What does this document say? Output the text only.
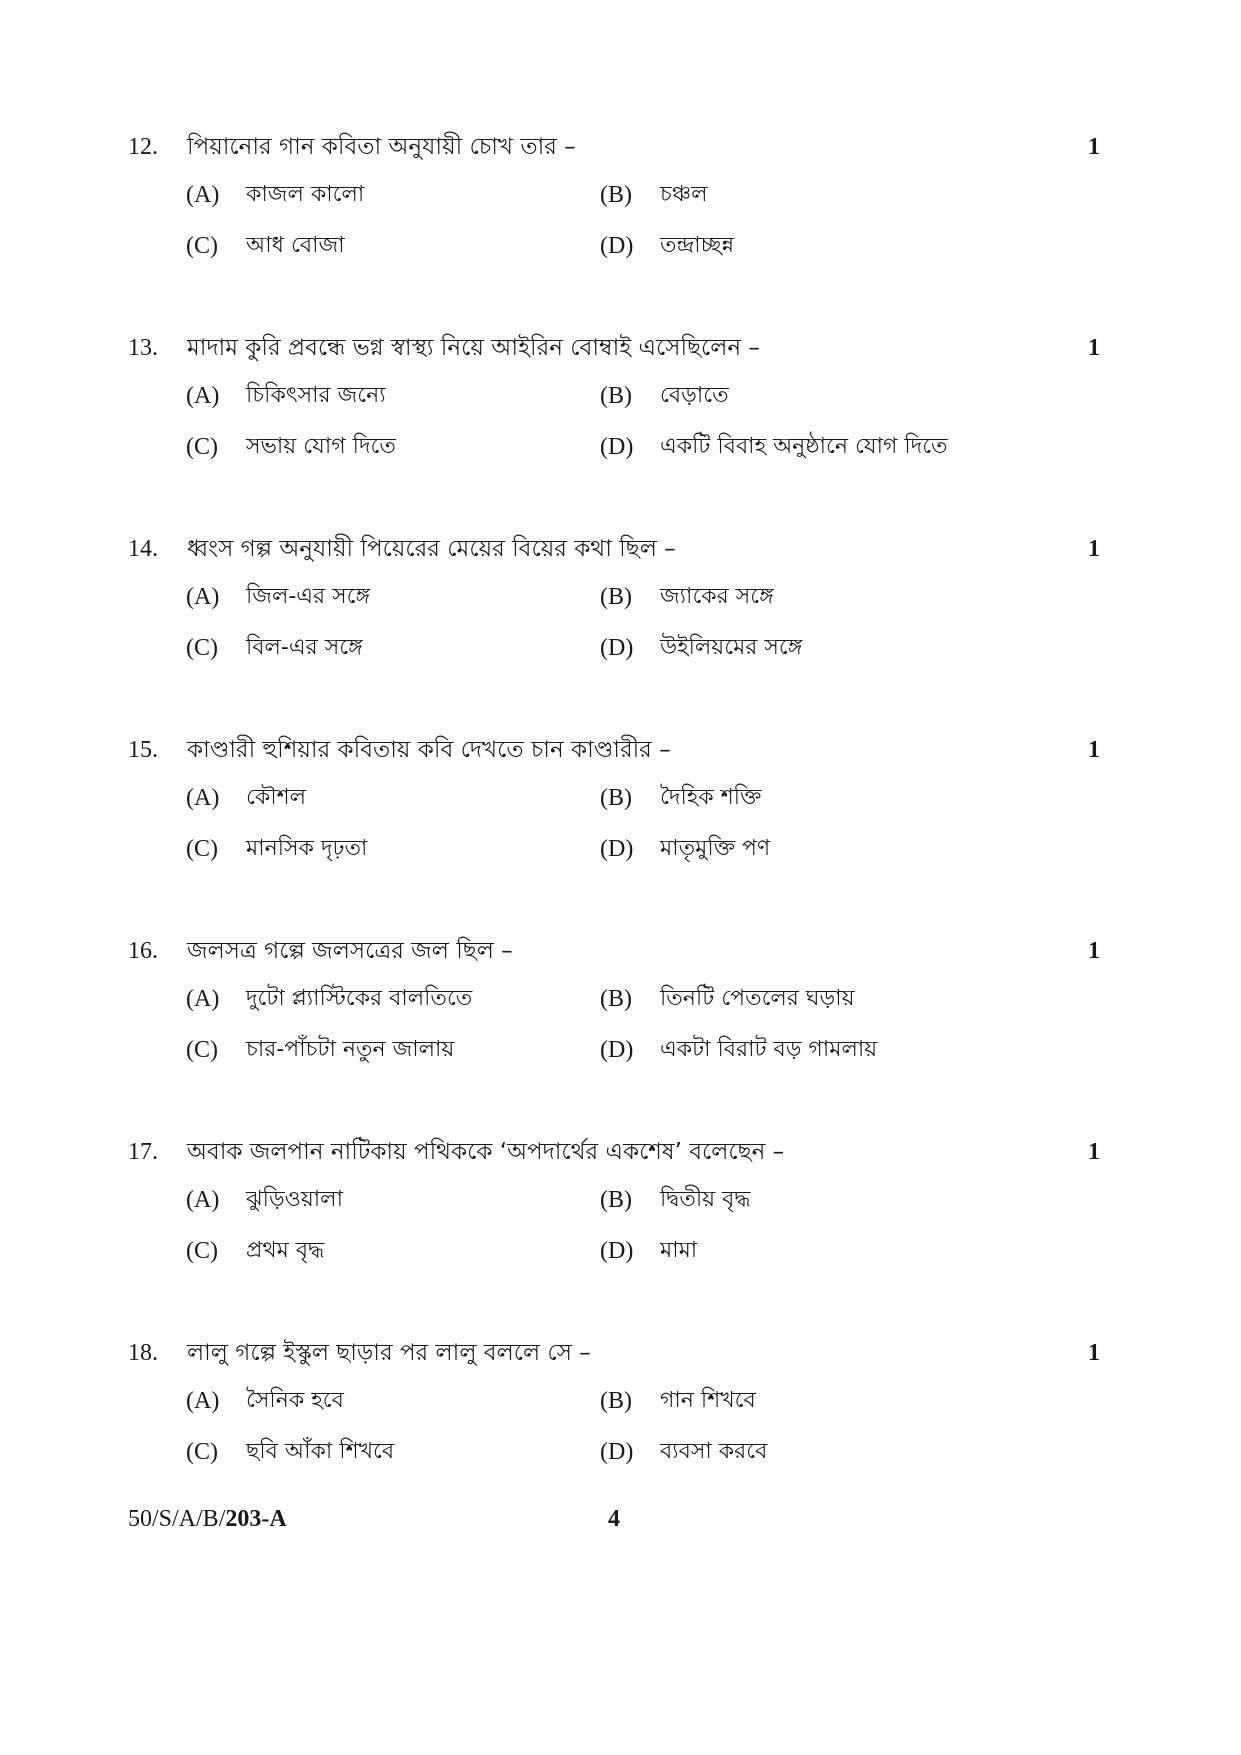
12. পিয়ানোর গান কবিতা অনুযায়ী চোখ তার –	1
(A) কাজল কালো	(B) চঞ্চল
(C) আধ বোজা	(D) তন্দ্রাচ্ছন্ন
13. মাদাম কুরি প্রবন্ধে ভগ্ন স্বাস্থ্য নিয়ে আইরিন বোম্বাই এসেছিলেন –	1
(A) চিকিৎসার জন্যে	(B) বেড়াতে
(C) সভায় যোগ দিতে	(D) একটি বিবাহ অনুষ্ঠানে যোগ দিতে
14. ধ্বংস গল্প অনুযায়ী পিয়েরের মেয়ের বিয়ের কথা ছিল –	1
(A) জিল-এর সঙ্গে	(B) জ্যাকের সঙ্গে
(C) বিল-এর সঙ্গে	(D) উইলিয়মের সঙ্গে
15. কাণ্ডারী হুশিয়ার কবিতায় কবি দেখতে চান কাণ্ডারীর –	1
(A) কৌশল	(B) দৈহিক শক্তি
(C) মানসিক দৃঢ়তা	(D) মাতৃমুক্তি পণ
16. জলসত্র গল্পে জলসত্রের জল ছিল –	1
(A) দুটো প্ল্যাস্টিকের বালতিতে	(B) তিনটি পেতলের ঘড়ায়
(C) চার-পাঁচটা নতুন জালায়	(D) একটা বিরাট বড় গামলায়
17. অবাক জলপান নাটিকায় পথিককে ‘অপদার্থের একশেষ’ বলেছেন –	1
(A) ঝুড়িওয়ালা	(B) দ্বিতীয় বৃদ্ধ
(C) প্রথম বৃদ্ধ	(D) মামা
18. লালু গল্পে ইস্কুল ছাড়ার পর লালু বললে সে –	1
(A) সৈনিক হবে	(B) গান শিখবে
(C) ছবি আঁকা শিখবে	(D) ব্যবসা করবে
50/S/A/B/203-A	4
